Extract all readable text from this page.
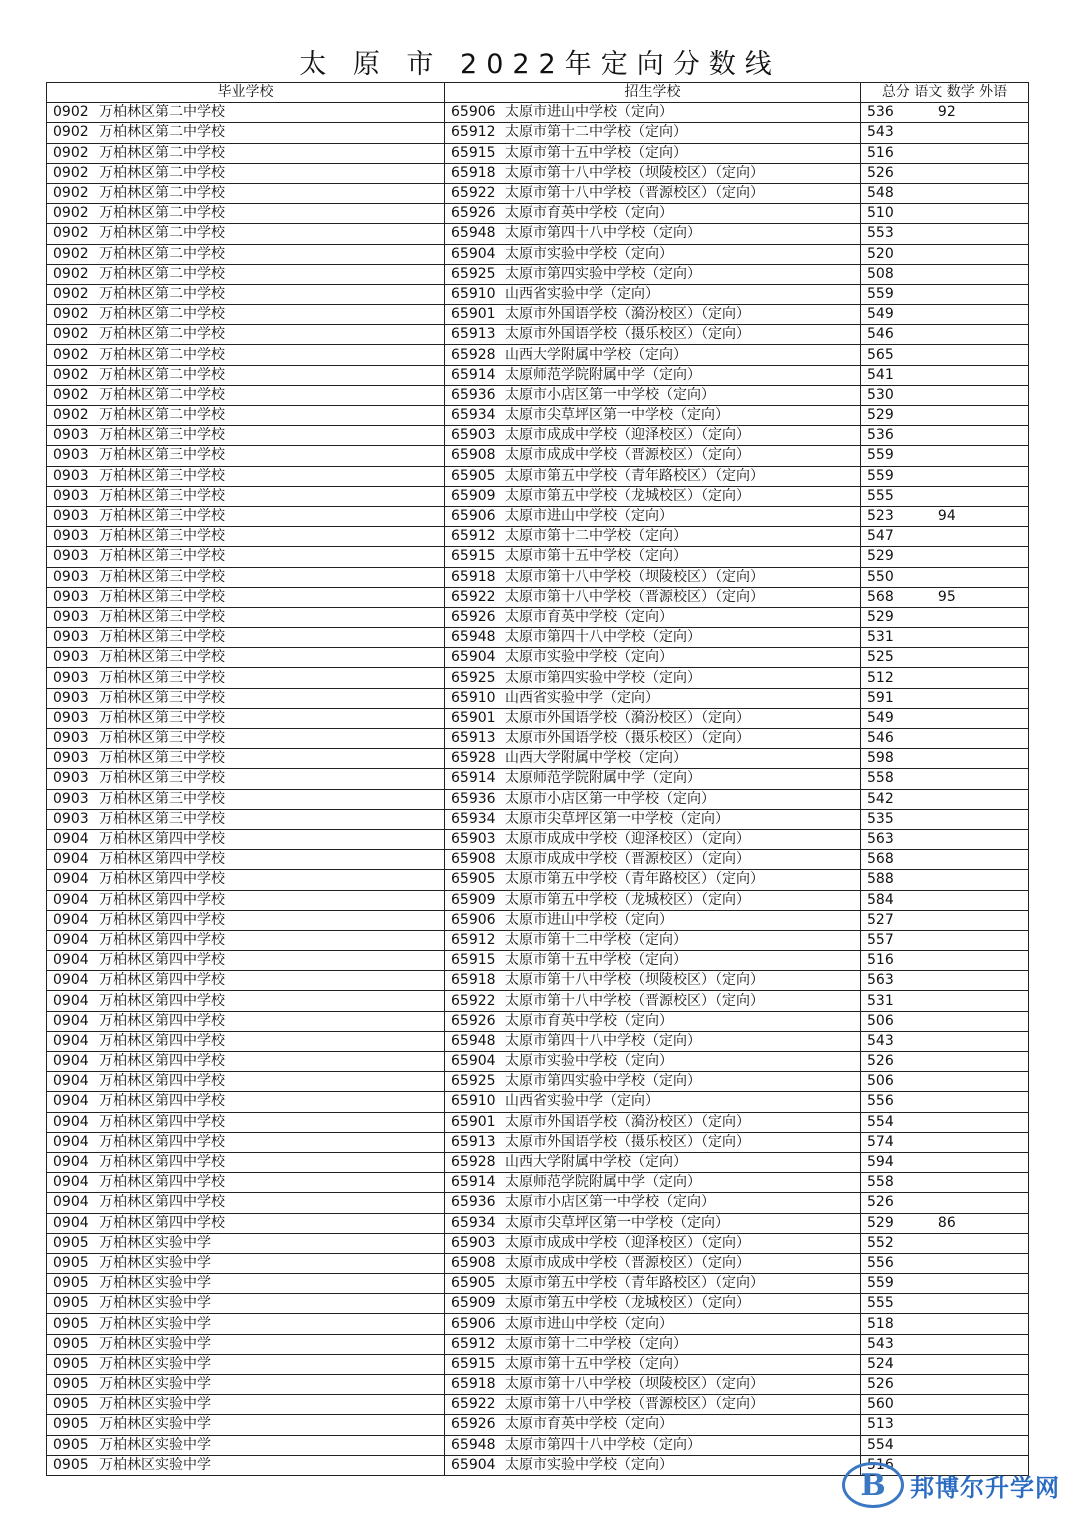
太 原 市 2022年定向分数线
毕业学校	招生学校	总分 语文 数学 外语
0902 万柏林区第二中学校	65906 太原市进山中学校（定向）	536 92
0902 万柏林区第二中学校	65912 太原市第十二中学校（定向）	543
0902 万柏林区第二中学校	65915 太原市第十五中学校（定向）	516
0902 万柏林区第二中学校	65918 太原市第十八中学校（坝陵校区）（定向）	526
0902 万柏林区第二中学校	65922 太原市第十八中学校（晋源校区）（定向）	548
0902 万柏林区第二中学校	65926 太原市育英中学校（定向）	510
0902 万柏林区第二中学校	65948 太原市第四十八中学校（定向）	553
0902 万柏林区第二中学校	65904 太原市实验中学校（定向）	520
0902 万柏林区第二中学校	65925 太原市第四实验中学校（定向）	508
0902 万柏林区第二中学校	65910 山西省实验中学（定向）	559
0902 万柏林区第二中学校	65901 太原市外国语学校（漪汾校区）（定向）	549
0902 万柏林区第二中学校	65913 太原市外国语学校（摄乐校区）（定向）	546
0902 万柏林区第二中学校	65928 山西大学附属中学校（定向）	565
0902 万柏林区第二中学校	65914 太原师范学院附属中学（定向）	541
0902 万柏林区第二中学校	65936 太原市小店区第一中学校（定向）	530
0902 万柏林区第二中学校	65934 太原市尖草坪区第一中学校（定向）	529
0903 万柏林区第三中学校	65903 太原市成成中学校（迎泽校区）（定向）	536
0903 万柏林区第三中学校	65908 太原市成成中学校（晋源校区）（定向）	559
0903 万柏林区第三中学校	65905 太原市第五中学校（青年路校区）（定向）	559
0903 万柏林区第三中学校	65909 太原市第五中学校（龙城校区）（定向）	555
0903 万柏林区第三中学校	65906 太原市进山中学校（定向）	523 94
0903 万柏林区第三中学校	65912 太原市第十二中学校（定向）	547
0903 万柏林区第三中学校	65915 太原市第十五中学校（定向）	529
0903 万柏林区第三中学校	65918 太原市第十八中学校（坝陵校区）（定向）	550
0903 万柏林区第三中学校	65922 太原市第十八中学校（晋源校区）（定向）	568 95
0903 万柏林区第三中学校	65926 太原市育英中学校（定向）	529
0903 万柏林区第三中学校	65948 太原市第四十八中学校（定向）	531
0903 万柏林区第三中学校	65904 太原市实验中学校（定向）	525
0903 万柏林区第三中学校	65925 太原市第四实验中学校（定向）	512
0903 万柏林区第三中学校	65910 山西省实验中学（定向）	591
0903 万柏林区第三中学校	65901 太原市外国语学校（漪汾校区）（定向）	549
0903 万柏林区第三中学校	65913 太原市外国语学校（摄乐校区）（定向）	546
0903 万柏林区第三中学校	65928 山西大学附属中学校（定向）	598
0903 万柏林区第三中学校	65914 太原师范学院附属中学（定向）	558
0903 万柏林区第三中学校	65936 太原市小店区第一中学校（定向）	542
0903 万柏林区第三中学校	65934 太原市尖草坪区第一中学校（定向）	535
0904 万柏林区第四中学校	65903 太原市成成中学校（迎泽校区）（定向）	563
0904 万柏林区第四中学校	65908 太原市成成中学校（晋源校区）（定向）	568
0904 万柏林区第四中学校	65905 太原市第五中学校（青年路校区）（定向）	588
0904 万柏林区第四中学校	65909 太原市第五中学校（龙城校区）（定向）	584
0904 万柏林区第四中学校	65906 太原市进山中学校（定向）	527
0904 万柏林区第四中学校	65912 太原市第十二中学校（定向）	557
0904 万柏林区第四中学校	65915 太原市第十五中学校（定向）	516
0904 万柏林区第四中学校	65918 太原市第十八中学校（坝陵校区）（定向）	563
0904 万柏林区第四中学校	65922 太原市第十八中学校（晋源校区）（定向）	531
0904 万柏林区第四中学校	65926 太原市育英中学校（定向）	506
0904 万柏林区第四中学校	65948 太原市第四十八中学校（定向）	543
0904 万柏林区第四中学校	65904 太原市实验中学校（定向）	526
0904 万柏林区第四中学校	65925 太原市第四实验中学校（定向）	506
0904 万柏林区第四中学校	65910 山西省实验中学（定向）	556
0904 万柏林区第四中学校	65901 太原市外国语学校（漪汾校区）（定向）	554
0904 万柏林区第四中学校	65913 太原市外国语学校（摄乐校区）（定向）	574
0904 万柏林区第四中学校	65928 山西大学附属中学校（定向）	594
0904 万柏林区第四中学校	65914 太原师范学院附属中学（定向）	558
0904 万柏林区第四中学校	65936 太原市小店区第一中学校（定向）	526
0904 万柏林区第四中学校	65934 太原市尖草坪区第一中学校（定向）	529 86
0905 万柏林区实验中学	65903 太原市成成中学校（迎泽校区）（定向）	552
0905 万柏林区实验中学	65908 太原市成成中学校（晋源校区）（定向）	556
0905 万柏林区实验中学	65905 太原市第五中学校（青年路校区）（定向）	559
0905 万柏林区实验中学	65909 太原市第五中学校（龙城校区）（定向）	555
0905 万柏林区实验中学	65906 太原市进山中学校（定向）	518
0905 万柏林区实验中学	65912 太原市第十二中学校（定向）	543
0905 万柏林区实验中学	65915 太原市第十五中学校（定向）	524
0905 万柏林区实验中学	65918 太原市第十八中学校（坝陵校区）（定向）	526
0905 万柏林区实验中学	65922 太原市第十八中学校（晋源校区）（定向）	560
0905 万柏林区实验中学	65926 太原市育英中学校（定向）	513
0905 万柏林区实验中学	65948 太原市第四十八中学校（定向）	554
0905 万柏林区实验中学	65904 太原市实验中学校（定向）	516
B	邦博尔升学网
